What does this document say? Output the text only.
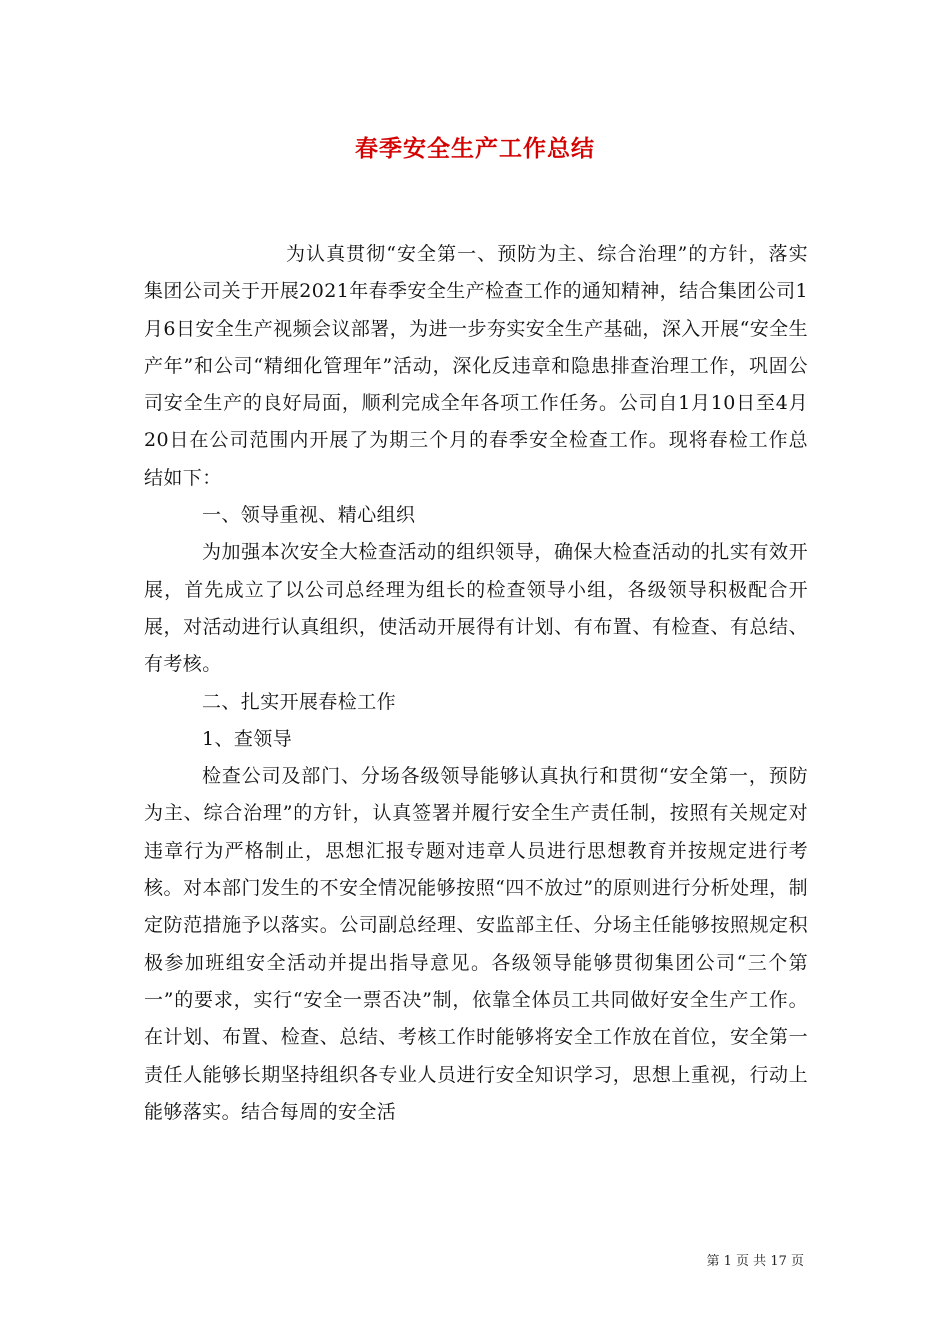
春季安全生产工作总结

为认真贯彻“安全第一、预防为主、综合治理”的方针，落实集团公司关于开展2021年春季安全生产检查工作的通知精神，结合集团公司1月6日安全生产视频会议部署，为进一步夯实安全生产基础，深入开展“安全生产年”和公司“精细化管理年”活动，深化反违章和隐患排查治理工作，巩固公司安全生产的良好局面，顺利完成全年各项工作任务。公司自1月10日至4月20日在公司范围内开展了为期三个月的春季安全检查工作。现将春检工作总结如下：

一、领导重视、精心组织

为加强本次安全大检查活动的组织领导，确保大检查活动的扎实有效开展，首先成立了以公司总经理为组长的检查领导小组，各级领导积极配合开展，对活动进行认真组织，使活动开展得有计划、有布置、有检查、有总结、有考核。

二、扎实开展春检工作

1、查领导

检查公司及部门、分场各级领导能够认真执行和贯彻“安全第一，预防为主、综合治理”的方针，认真签署并履行安全生产责任制，按照有关规定对违章行为严格制止，思想汇报专题对违章人员进行思想教育并按规定进行考核。对本部门发生的不安全情况能够按照“四不放过”的原则进行分析处理，制定防范措施予以落实。公司副总经理、安监部主任、分场主任能够按照规定积极参加班组安全活动并提出指导意见。各级领导能够贯彻集团公司“三个第一”的要求，实行“安全一票否决”制，依靠全体员工共同做好安全生产工作。在计划、布置、检查、总结、考核工作时能够将安全工作放在首位，安全第一责任人能够长期坚持组织各专业人员进行安全知识学习，思想上重视，行动上能够落实。结合每周的安全活

第 1 页 共 17 页
